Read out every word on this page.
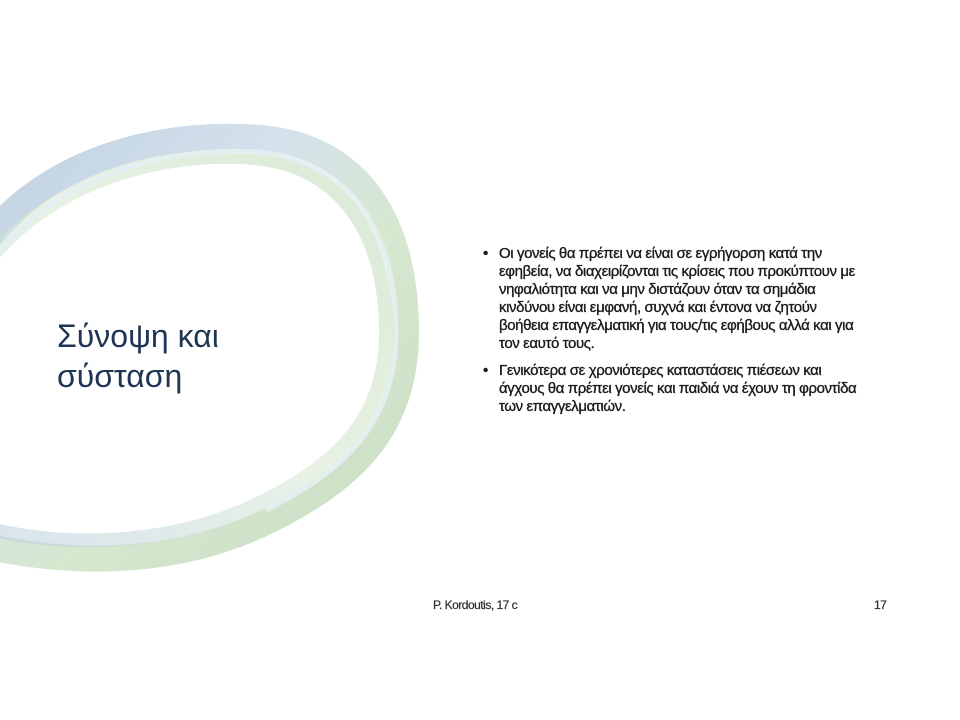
Σύνοψη και
σύσταση
• Οι γονείς θα πρέπει να είναι σε εγρήγορση κατά την εφηβεία, να διαχειρίζονται τις κρίσεις που προκύπτουν με νηφαλιότητα και να μην διστάζουν όταν τα σημάδια κινδύνου είναι εμφανή, συχνά και έντονα να ζητούν βοήθεια επαγγελματική για τους/τις εφήβους αλλά και για τον εαυτό τους.
• Γενικότερα σε χρονιότερες καταστάσεις πιέσεων και άγχους θα πρέπει γονείς και παιδιά να έχουν τη φροντίδα των επαγγελματιών.
P. Kordoutis, 17 c	17
